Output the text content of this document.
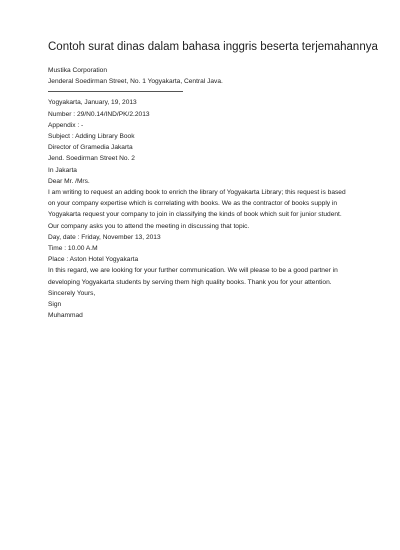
Contoh surat dinas dalam bahasa inggris beserta terjemahannya
Mustika Corporation
Jenderal Soedirman Street, No. 1 Yogyakarta, Central Java.
Yogyakarta, January, 19, 2013
Number : 29/N0.14/IND/PK/2.2013
Appendix : -
Subject : Adding Library Book
Director of Gramedia Jakarta
Jend. Soedirman Street No. 2
In Jakarta
Dear Mr. /Mrs.
I am writing to request an adding book to enrich the library of Yogyakarta Library; this request is based on your company expertise which is correlating with books. We as the contractor of books supply in Yogyakarta request your company to join in classifying the kinds of book which suit for junior student. Our company asks you to attend the meeting in discussing that topic.
Day, date : Friday, November 13, 2013
Time : 10.00 A.M
Place : Aston Hotel Yogyakarta
In this regard, we are looking for your further communication. We will please to be a good partner in developing Yogyakarta students by serving them high quality books. Thank you for your attention.
Sincerely Yours,
Sign
Muhammad
